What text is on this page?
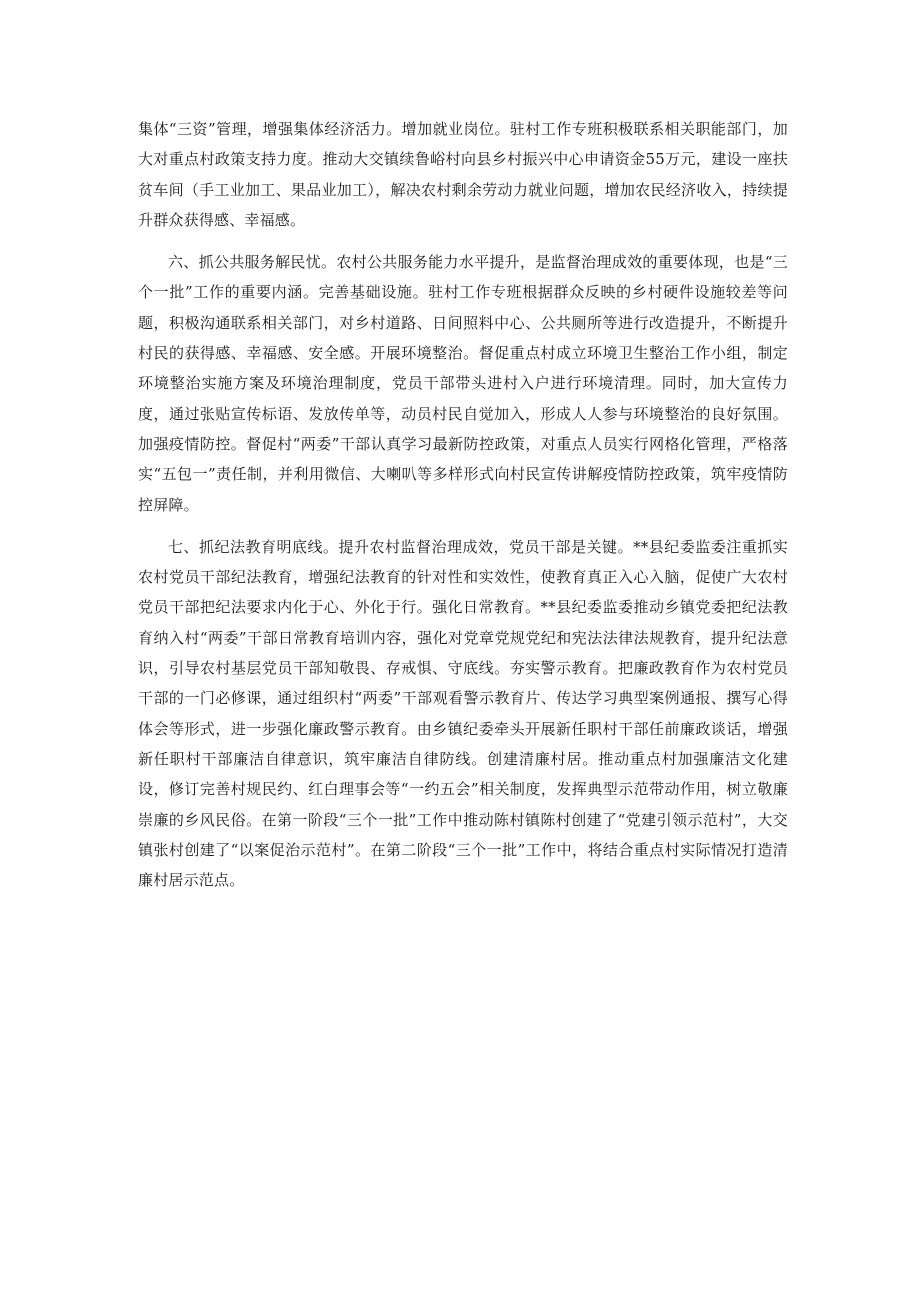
集体“三资”管理，增强集体经济活力。增加就业岗位。驻村工作专班积极联系相关职能部门，加大对重点村政策支持力度。推动大交镇续鲁峪村向县乡村振兴中心申请资金55万元，建设一座扶贫车间（手工业加工、果品业加工），解决农村剩余劳动力就业问题，增加农民经济收入，持续提升群众获得感、幸福感。

六、抓公共服务解民忧。农村公共服务能力水平提升，是监督治理成效的重要体现，也是“三个一批”工作的重要内涵。完善基础设施。驻村工作专班根据群众反映的乡村硬件设施较差等问题，积极沟通联系相关部门，对乡村道路、日间照料中心、公共厕所等进行改造提升，不断提升村民的获得感、幸福感、安全感。开展环境整治。督促重点村成立环境卫生整治工作小组，制定环境整治实施方案及环境治理制度，党员干部带头进村入户进行环境清理。同时，加大宣传力度，通过张贴宣传标语、发放传单等，动员村民自觉加入，形成人人参与环境整治的良好氛围。加强疫情防控。督促村“两委”干部认真学习最新防控政策，对重点人员实行网格化管理，严格落实“五包一”责任制，并利用微信、大喇叭等多样形式向村民宣传讲解疫情防控政策，筑牢疫情防控屏障。

七、抓纪法教育明底线。提升农村监督治理成效，党员干部是关键。**县纪委监委注重抓实农村党员干部纪法教育，增强纪法教育的针对性和实效性，使教育真正入心入脑，促使广大农村党员干部把纪法要求内化于心、外化于行。强化日常教育。**县纪委监委推动乡镇党委把纪法教育纳入村“两委”干部日常教育培训内容，强化对党章党规党纪和宪法法律法规教育，提升纪法意识，引导农村基层党员干部知敬畏、存戒惧、守底线。夯实警示教育。把廉政教育作为农村党员干部的一门必修课，通过组织村“两委”干部观看警示教育片、传达学习典型案例通报、撰写心得体会等形式，进一步强化廉政警示教育。由乡镇纪委牵头开展新任职村干部任前廉政谈话，增强新任职村干部廉洁自律意识，筑牢廉洁自律防线。创建清廉村居。推动重点村加强廉洁文化建设，修订完善村规民约、红白理事会等“一约五会”相关制度，发挥典型示范带动作用，树立敬廉崇廉的乡风民俗。在第一阶段“三个一批”工作中推动陈村镇陈村创建了“党建引领示范村”，大交镇张村创建了“以案促治示范村”。在第二阶段“三个一批”工作中，将结合重点村实际情况打造清廉村居示范点。
